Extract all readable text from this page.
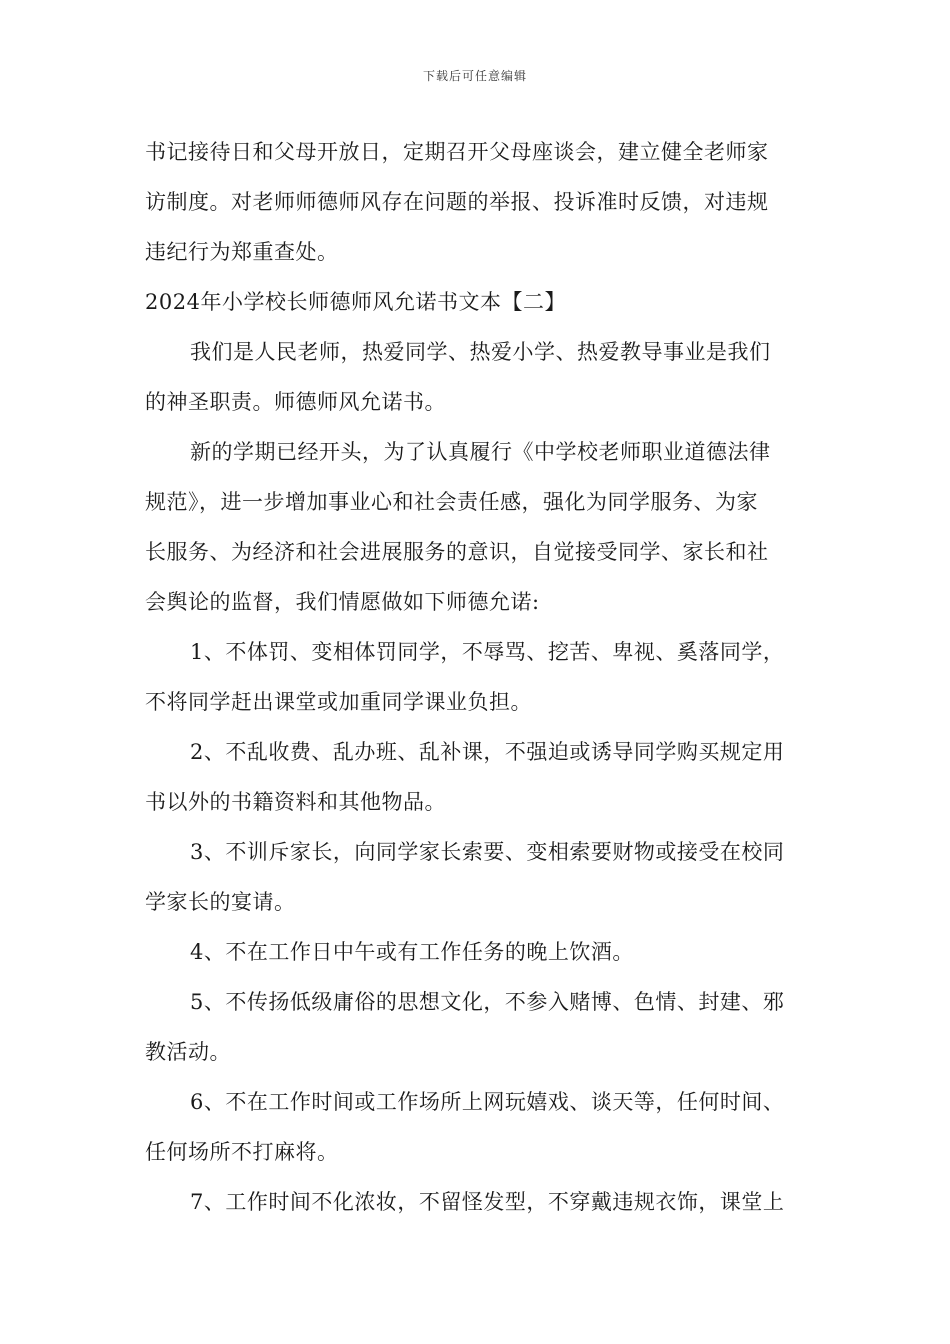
下载后可任意编辑
书记接待日和父母开放日，定期召开父母座谈会，建立健全老师家
访制度。对老师师德师风存在问题的举报、投诉准时反馈，对违规
违纪行为郑重查处。
2024年小学校长师德师风允诺书文本【二】
我们是人民老师，热爱同学、热爱小学、热爱教导事业是我们
的神圣职责。师德师风允诺书。
新的学期已经开头，为了认真履行《中学校老师职业道德法律
规范》，进一步增加事业心和社会责任感，强化为同学服务、为家
长服务、为经济和社会进展服务的意识，自觉接受同学、家长和社
会舆论的监督，我们情愿做如下师德允诺:
1、不体罚、变相体罚同学，不辱骂、挖苦、卑视、奚落同学，
不将同学赶出课堂或加重同学课业负担。
2、不乱收费、乱办班、乱补课，不强迫或诱导同学购买规定用
书以外的书籍资料和其他物品。
3、不训斥家长，向同学家长索要、变相索要财物或接受在校同
学家长的宴请。
4、不在工作日中午或有工作任务的晚上饮酒。
5、不传扬低级庸俗的思想文化，不参入赌博、色情、封建、邪
教活动。
6、不在工作时间或工作场所上网玩嬉戏、谈天等，任何时间、
任何场所不打麻将。
7、工作时间不化浓妆，不留怪发型，不穿戴违规衣饰，课堂上
